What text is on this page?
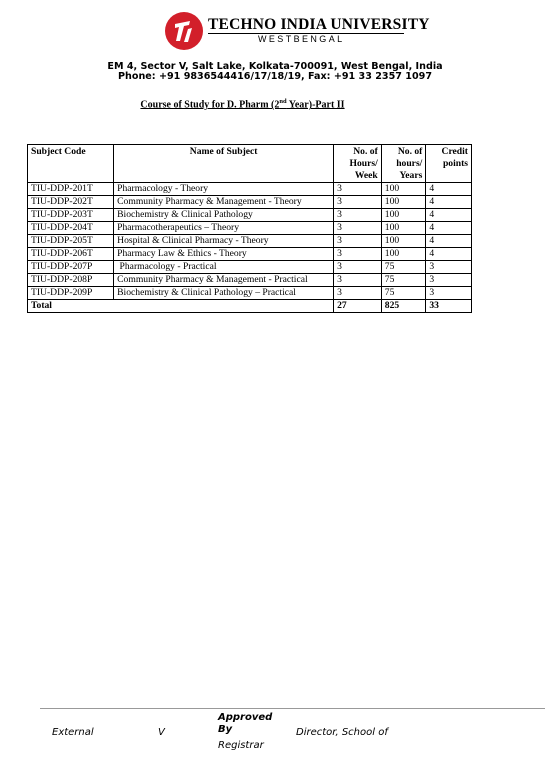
TECHNO INDIA UNIVERSITY
WESTBENGAL
EM 4, Sector V, Salt Lake, Kolkata-700091, West Bengal, India
Phone: +91 9836544416/17/18/19, Fax: +91 33 2357 1097
Course of Study for D. Pharm (2nd Year)-Part II
Subject Code	Name of Subject	No. of Hours/ Week	No. of hours/ Years	Credit points
TIU-DDP-201T	Pharmacology - Theory	3	100	4
TIU-DDP-202T	Community Pharmacy & Management - Theory	3	100	4
TIU-DDP-203T	Biochemistry & Clinical Pathology	3	100	4
TIU-DDP-204T	Pharmacotherapeutics – Theory	3	100	4
TIU-DDP-205T	Hospital & Clinical Pharmacy - Theory	3	100	4
TIU-DDP-206T	Pharmacy Law & Ethics - Theory	3	100	4
TIU-DDP-207P	Pharmacology - Practical	3	75	3
TIU-DDP-208P	Community Pharmacy & Management - Practical	3	75	3
TIU-DDP-209P	Biochemistry & Clinical Pathology – Practical	3	75	3
Total		27	825	33
External	V
Approved
By	Director, School of
Registrar
